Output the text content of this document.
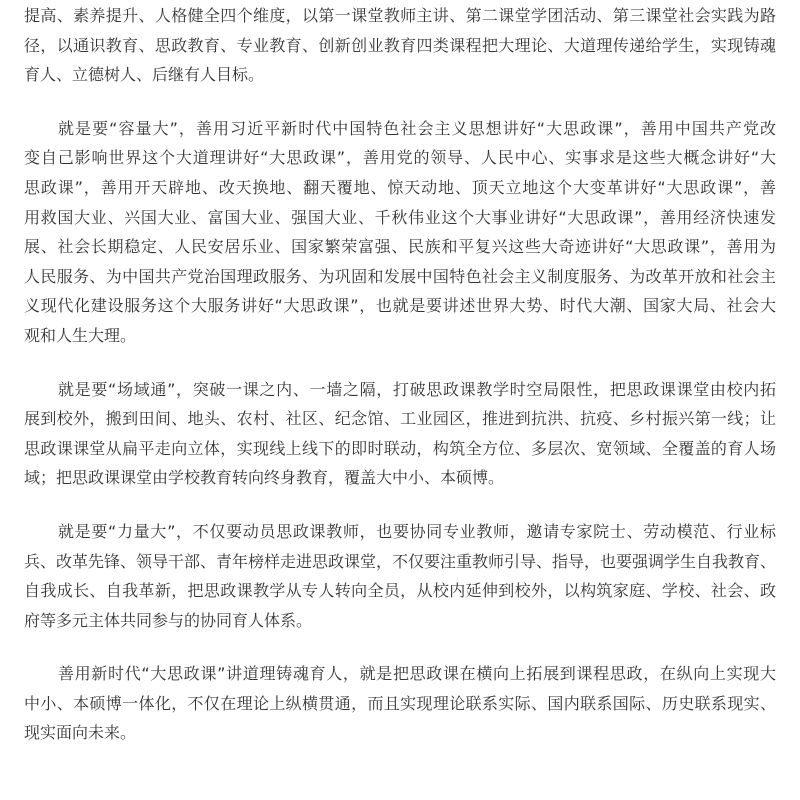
提高、素养提升、人格健全四个维度，以第一课堂教师主讲、第二课堂学团活动、第三课堂社会实践为路
径，以通识教育、思政教育、专业教育、创新创业教育四类课程把大理论、大道理传递给学生，实现铸魂
育人、立德树人、后继有人目标。
就是要“容量大”，善用习近平新时代中国特色社会主义思想讲好“大思政课”，善用中国共产党改
变自己影响世界这个大道理讲好“大思政课”，善用党的领导、人民中心、实事求是这些大概念讲好“大
思政课”，善用开天辟地、改天换地、翻天覆地、惊天动地、顶天立地这个大变革讲好“大思政课”，善
用救国大业、兴国大业、富国大业、强国大业、千秋伟业这个大事业讲好“大思政课”，善用经济快速发
展、社会长期稳定、人民安居乐业、国家繁荣富强、民族和平复兴这些大奇迹讲好“大思政课”，善用为
人民服务、为中国共产党治国理政服务、为巩固和发展中国特色社会主义制度服务、为改革开放和社会主
义现代化建设服务这个大服务讲好“大思政课”，也就是要讲述世界大势、时代大潮、国家大局、社会大
观和人生大理。
就是要“场域通”，突破一课之内、一墙之隔，打破思政课教学时空局限性，把思政课课堂由校内拓
展到校外，搬到田间、地头、农村、社区、纪念馆、工业园区，推进到抗洪、抗疫、乡村振兴第一线；让
思政课课堂从扁平走向立体，实现线上线下的即时联动，构筑全方位、多层次、宽领域、全覆盖的育人场
域；把思政课课堂由学校教育转向终身教育，覆盖大中小、本硕博。
就是要“力量大”，不仅要动员思政课教师，也要协同专业教师，邀请专家院士、劳动模范、行业标
兵、改革先锋、领导干部、青年榜样走进思政课堂，不仅要注重教师引导、指导，也要强调学生自我教育、
自我成长、自我革新，把思政课教学从专人转向全员，从校内延伸到校外，以构筑家庭、学校、社会、政
府等多元主体共同参与的协同育人体系。
善用新时代“大思政课”讲道理铸魂育人，就是把思政课在横向上拓展到课程思政，在纵向上实现大
中小、本硕博一体化，不仅在理论上纵横贯通，而且实现理论联系实际、国内联系国际、历史联系现实、
现实面向未来。
